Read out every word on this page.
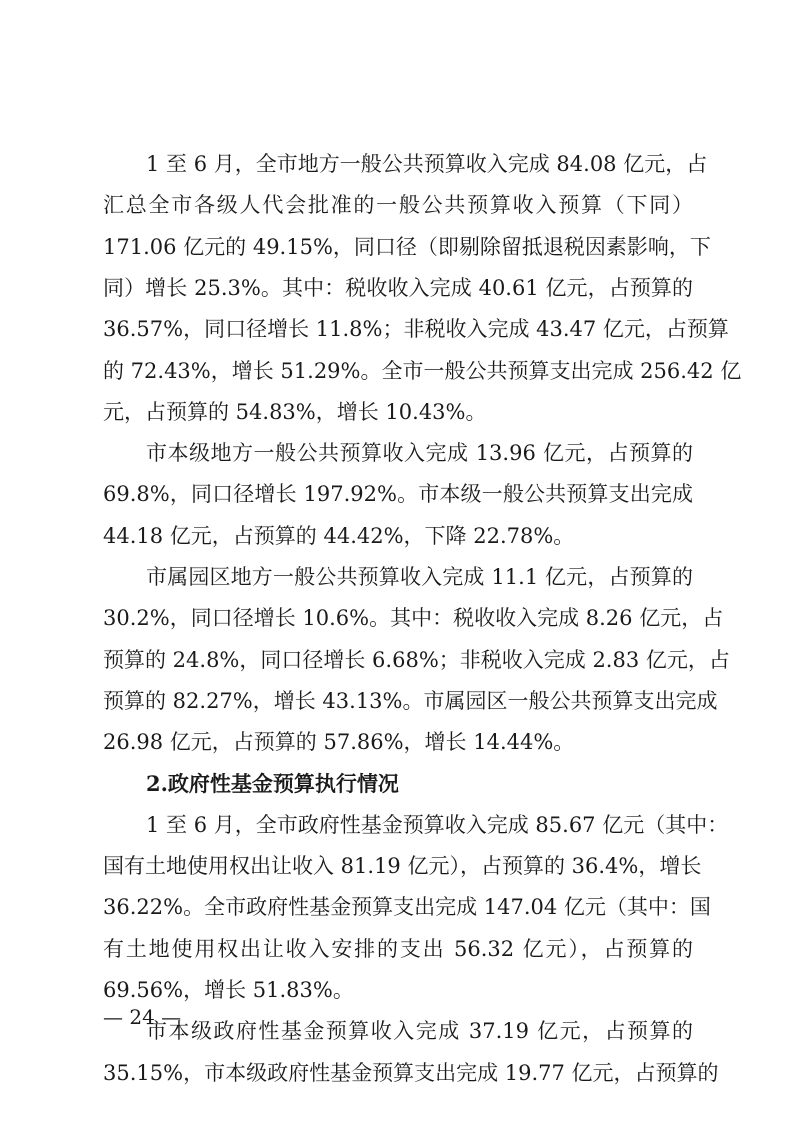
1 至 6 月，全市地方一般公共预算收入完成 84.08 亿元，占
汇总全市各级人代会批准的一般公共预算收入预算（下同）
171.06 亿元的 49.15%，同口径（即剔除留抵退税因素影响，下
同）增长 25.3%。其中：税收收入完成 40.61 亿元，占预算的
36.57%，同口径增长 11.8%；非税收入完成 43.47 亿元，占预算
的 72.43%，增长 51.29%。全市一般公共预算支出完成 256.42 亿
元，占预算的 54.83%，增长 10.43%。
市本级地方一般公共预算收入完成 13.96 亿元，占预算的
69.8%，同口径增长 197.92%。市本级一般公共预算支出完成
44.18 亿元，占预算的 44.42%，下降 22.78%。
市属园区地方一般公共预算收入完成 11.1 亿元，占预算的
30.2%，同口径增长 10.6%。其中：税收收入完成 8.26 亿元，占
预算的 24.8%，同口径增长 6.68%；非税收入完成 2.83 亿元，占
预算的 82.27%，增长 43.13%。市属园区一般公共预算支出完成
26.98 亿元，占预算的 57.86%，增长 14.44%。
2.政府性基金预算执行情况
1 至 6 月，全市政府性基金预算收入完成 85.67 亿元（其中：
国有土地使用权出让收入 81.19 亿元），占预算的 36.4%，增长
36.22%。全市政府性基金预算支出完成 147.04 亿元（其中：国
有土地使用权出让收入安排的支出 56.32 亿元），占预算的
69.56%，增长 51.83%。
市本级政府性基金预算收入完成 37.19 亿元，占预算的
35.15%，市本级政府性基金预算支出完成 19.77 亿元，占预算的
— 24 —
